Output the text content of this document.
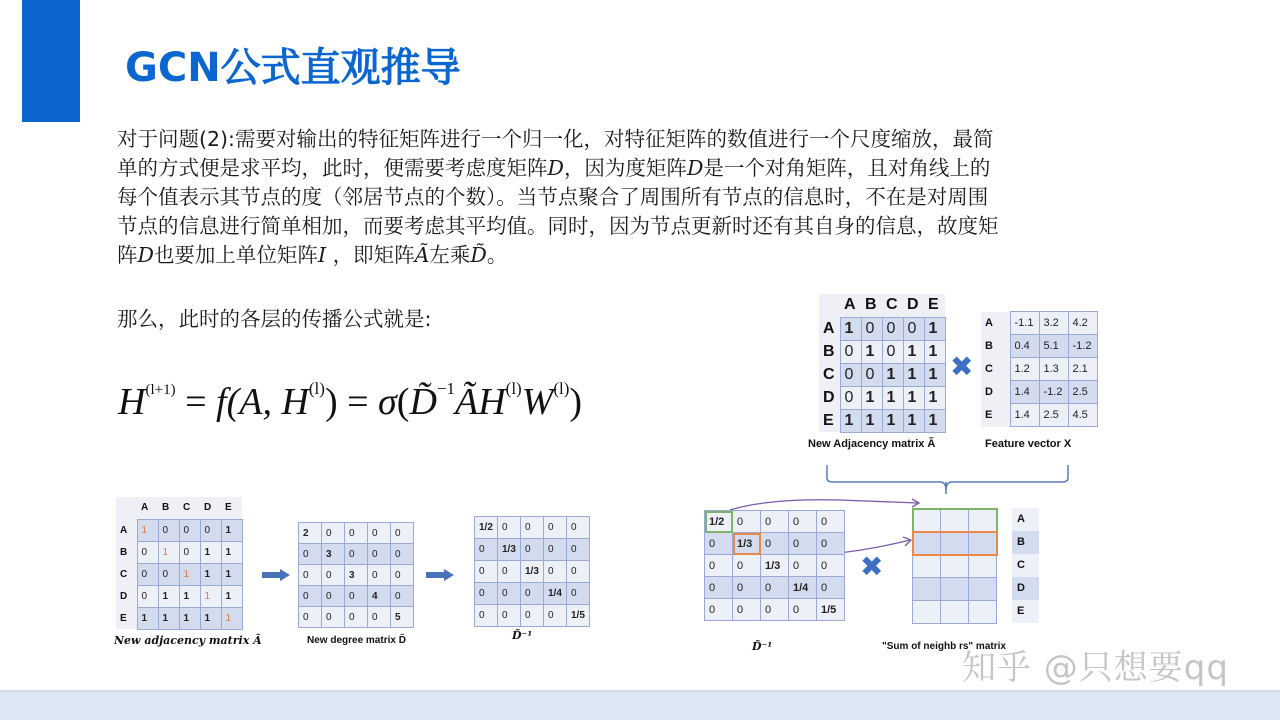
GCN公式直观推导
对于问题(2):需要对输出的特征矩阵进行一个归一化，对特征矩阵的数值进行一个尺度缩放，最简
单的方式便是求平均，此时，便需要考虑度矩阵D，因为度矩阵D是一个对角矩阵，且对角线上的
每个值表示其节点的度（邻居节点的个数）。当节点聚合了周围所有节点的信息时，不在是对周围
节点的信息进行简单相加，而要考虑其平均值。同时，因为节点更新时还有其自身的信息，故度矩
阵D也要加上单位矩阵I ，即矩阵Ã左乘D̃。
那么，此时的各层的传播公式就是:
$H^{(l+1)} = f(A$, $H^{(l)}$) = $\sigma(D̃^{-1}ÃH^{(l)}W^{(l)})$
	A	B	C	D	E
A	1	0	0	0	1
B	0	1	0	1	1
C	0	0	1	1	1
D	0	1	1	1	1
E	1	1	1	1	1
New Adjacency matrix Ã
✖
A	-1.1	3.2	4.2
B	0.4	5.1	-1.2
C	1.2	1.3	2.1
D	1.4	-1.2	2.5
E	1.4	2.5	4.5
Feature vector X
	A	B	C	D	E
A	1	0	0	0	1
B	0	1	0	1	1
C	0	0	1	1	1
D	0	1	1	1	1
E	1	1	1	1	1
New adjacency matrix Ã
2	0	0	0	0
0	3	0	0	0
0	0	3	0	0
0	0	0	4	0
0	0	0	0	5
New degree matrix D̃
1/2	0	0	0	0
0	1/3	0	0	0
0	0	1/3	0	0
0	0	0	1/4	0
0	0	0	0	1/5
D̃⁻¹
1/2	0	0	0	0
0	1/3	0	0	0
0	0	1/3	0	0
0	0	0	1/4	0
0	0	0	0	1/5
D̃⁻¹
✖

A
B
C
D
E
"Sum of neighb rs" matrix
知乎 @只想要qq
